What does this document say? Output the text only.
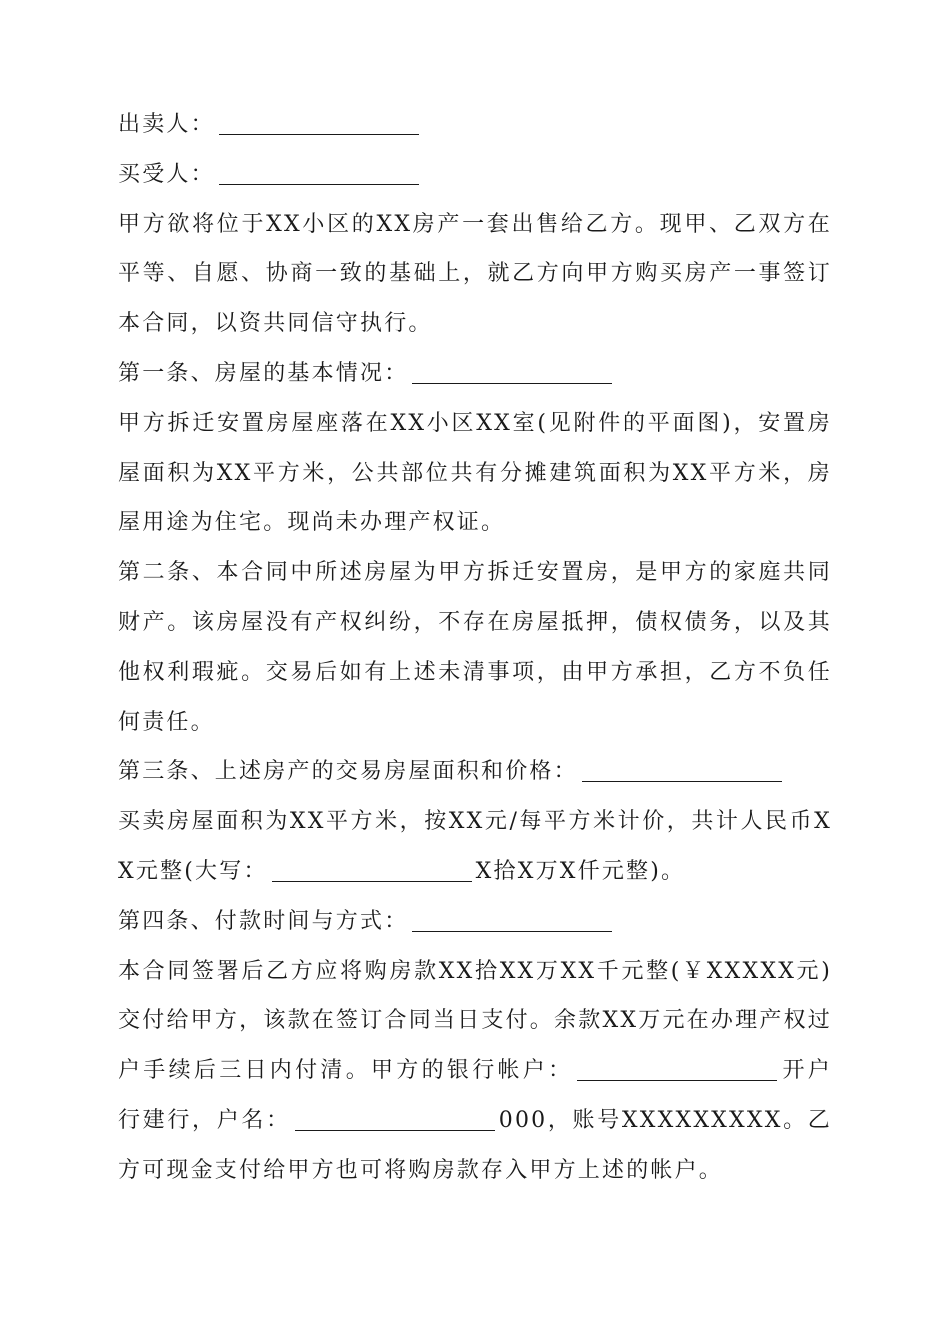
出卖人：

买受人：

甲方欲将位于XX小区的XX房产一套出售给乙方。现甲、乙双方在平等、自愿、协商一致的基础上，就乙方向甲方购买房产一事签订本合同，以资共同信守执行。

第一条、房屋的基本情况：

甲方拆迁安置房屋座落在XX小区XX室(见附件的平面图)，安置房屋面积为XX平方米，公共部位共有分摊建筑面积为XX平方米，房屋用途为住宅。现尚未办理产权证。

第二条、本合同中所述房屋为甲方拆迁安置房，是甲方的家庭共同财产。该房屋没有产权纠纷，不存在房屋抵押，债权债务，以及其他权利瑕疵。交易后如有上述未清事项，由甲方承担，乙方不负任何责任。

第三条、上述房产的交易房屋面积和价格：

买卖房屋面积为XX平方米，按XX元/每平方米计价，共计人民币XX元整(大写：	X拾X万X仟元整)。

第四条、付款时间与方式：

本合同签署后乙方应将购房款XX拾XX万XX千元整(￥XXXXX元)交付给甲方，该款在签订合同当日支付。余款XX万元在办理产权过户手续后三日内付清。甲方的银行帐户：	开户行建行，户名：	000，账号XXXXXXXXX。乙方可现金支付给甲方也可将购房款存入甲方上述的帐户。
